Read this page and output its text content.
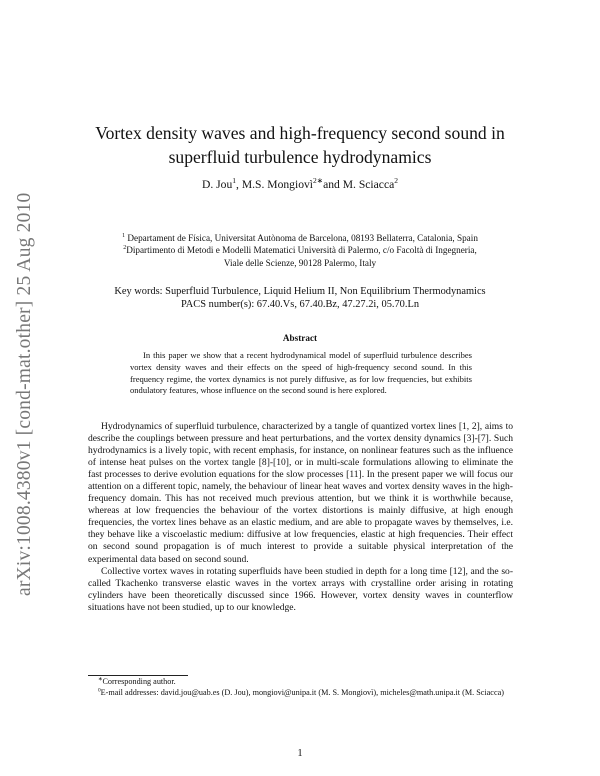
arXiv:1008.4380v1 [cond-mat.other] 25 Aug 2010
Vortex density waves and high-frequency second sound in
superfluid turbulence hydrodynamics
D. Jou$^1$, M.S. Mongiovì$^{2∗}$and M. Sciacca$^2$
$^1$ Departament de Física, Universitat Autònoma de Barcelona, 08193 Bellaterra, Catalonia, Spain
$^2$Dipartimento di Metodi e Modelli Matematici Università di Palermo, c/o Facoltà di Ingegneria,
Viale delle Scienze, 90128 Palermo, Italy
Key words: Superfluid Turbulence, Liquid Helium II, Non Equilibrium Thermodynamics
PACS number(s): 67.40.Vs, 67.40.Bz, 47.27.2i, 05.70.Ln
Abstract
In this paper we show that a recent hydrodynamical model of superfluid turbulence describes vortex density waves and their effects on the speed of high-frequency second sound. In this frequency regime, the vortex dynamics is not purely diffusive, as for low frequencies, but exhibits ondulatory features, whose influence on the second sound is here explored.

Hydrodynamics of superfluid turbulence, characterized by a tangle of quantized vortex lines [1, 2], aims to describe the couplings between pressure and heat perturbations, and the vortex density dynamics [3]-[7]. Such hydrodynamics is a lively topic, with recent emphasis, for instance, on nonlinear features such as the influence of intense heat pulses on the vortex tangle [8]-[10], or in multi-scale formulations allowing to eliminate the fast processes to derive evolution equations for the slow processes [11]. In the present paper we will focus our attention on a different topic, namely, the behaviour of linear heat waves and vortex density waves in the high-frequency domain. This has not received much previous attention, but we think it is worthwhile because, whereas at low frequencies the behaviour of the vortex distortions is mainly diffusive, at high enough frequencies, the vortex lines behave as an elastic medium, and are able to propagate waves by themselves, i.e. they behave like a viscoelastic medium: diffusive at low frequencies, elastic at high frequencies. Their effect on second sound propagation is of much interest to provide a suitable physical interpretation of the experimental data based on second sound.

Collective vortex waves in rotating superfluids have been studied in depth for a long time [12], and the so-called Tkachenko transverse elastic waves in the vortex arrays with crystalline order arising in rotating cylinders have been theoretically discussed since 1966. However, vortex density waves in counterflow situations have not been studied, up to our knowledge.

∗Corresponding author.

$^0$E-mail addresses: david.jou@uab.es (D. Jou), mongiovi@unipa.it (M. S. Mongiovì), micheles@math.unipa.it (M. Sciacca)

1
